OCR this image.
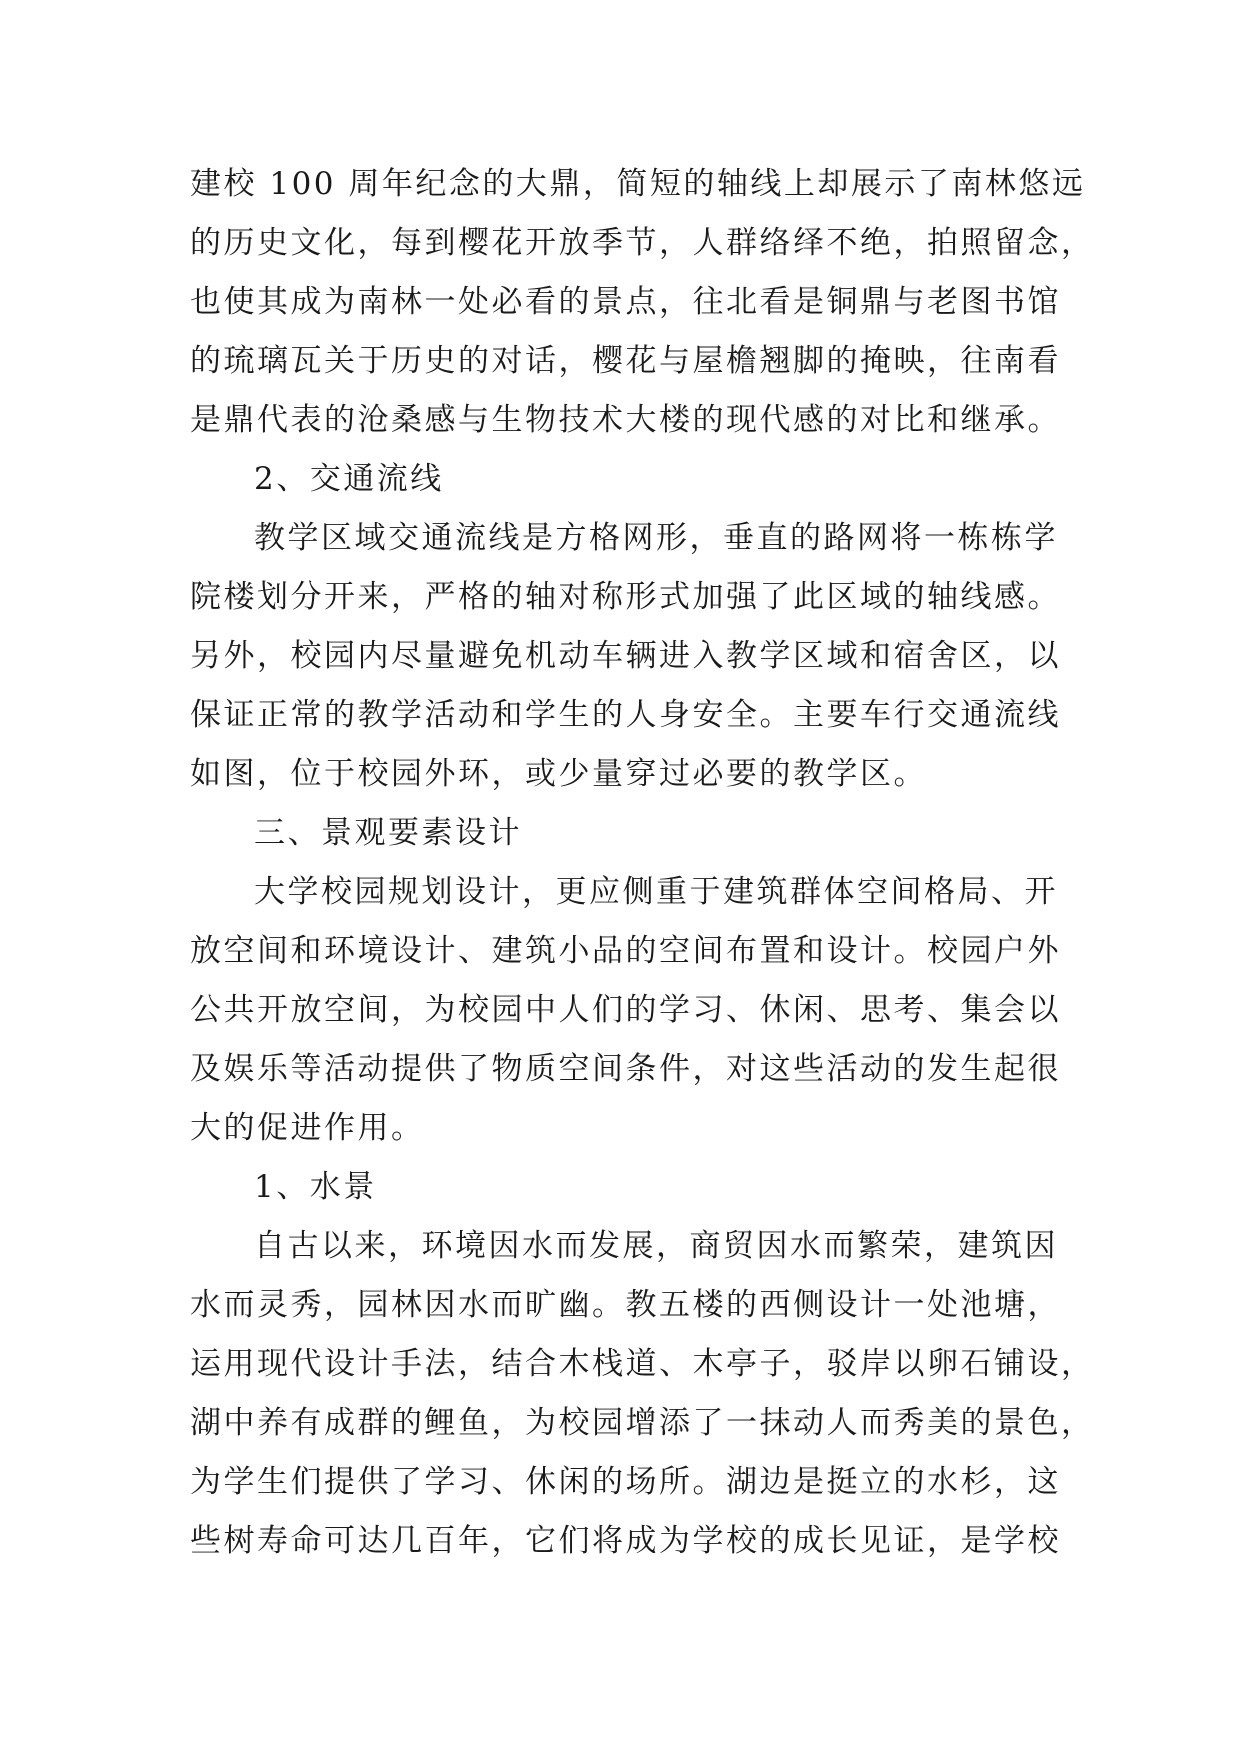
建校 100 周年纪念的大鼎，简短的轴线上却展示了南林悠远
的历史文化，每到樱花开放季节，人群络绎不绝，拍照留念，
也使其成为南林一处必看的景点，往北看是铜鼎与老图书馆
的琉璃瓦关于历史的对话，樱花与屋檐翘脚的掩映，往南看
是鼎代表的沧桑感与生物技术大楼的现代感的对比和继承。
2、交通流线
教学区域交通流线是方格网形，垂直的路网将一栋栋学
院楼划分开来，严格的轴对称形式加强了此区域的轴线感。
另外，校园内尽量避免机动车辆进入教学区域和宿舍区，以
保证正常的教学活动和学生的人身安全。主要车行交通流线
如图，位于校园外环，或少量穿过必要的教学区。
三、景观要素设计
大学校园规划设计，更应侧重于建筑群体空间格局、开
放空间和环境设计、建筑小品的空间布置和设计。校园户外
公共开放空间，为校园中人们的学习、休闲、思考、集会以
及娱乐等活动提供了物质空间条件，对这些活动的发生起很
大的促进作用。
1、水景
自古以来，环境因水而发展，商贸因水而繁荣，建筑因
水而灵秀，园林因水而旷幽。教五楼的西侧设计一处池塘，
运用现代设计手法，结合木栈道、木亭子，驳岸以卵石铺设，
湖中养有成群的鲤鱼，为校园增添了一抹动人而秀美的景色，
为学生们提供了学习、休闲的场所。湖边是挺立的水杉，这
些树寿命可达几百年，它们将成为学校的成长见证，是学校
